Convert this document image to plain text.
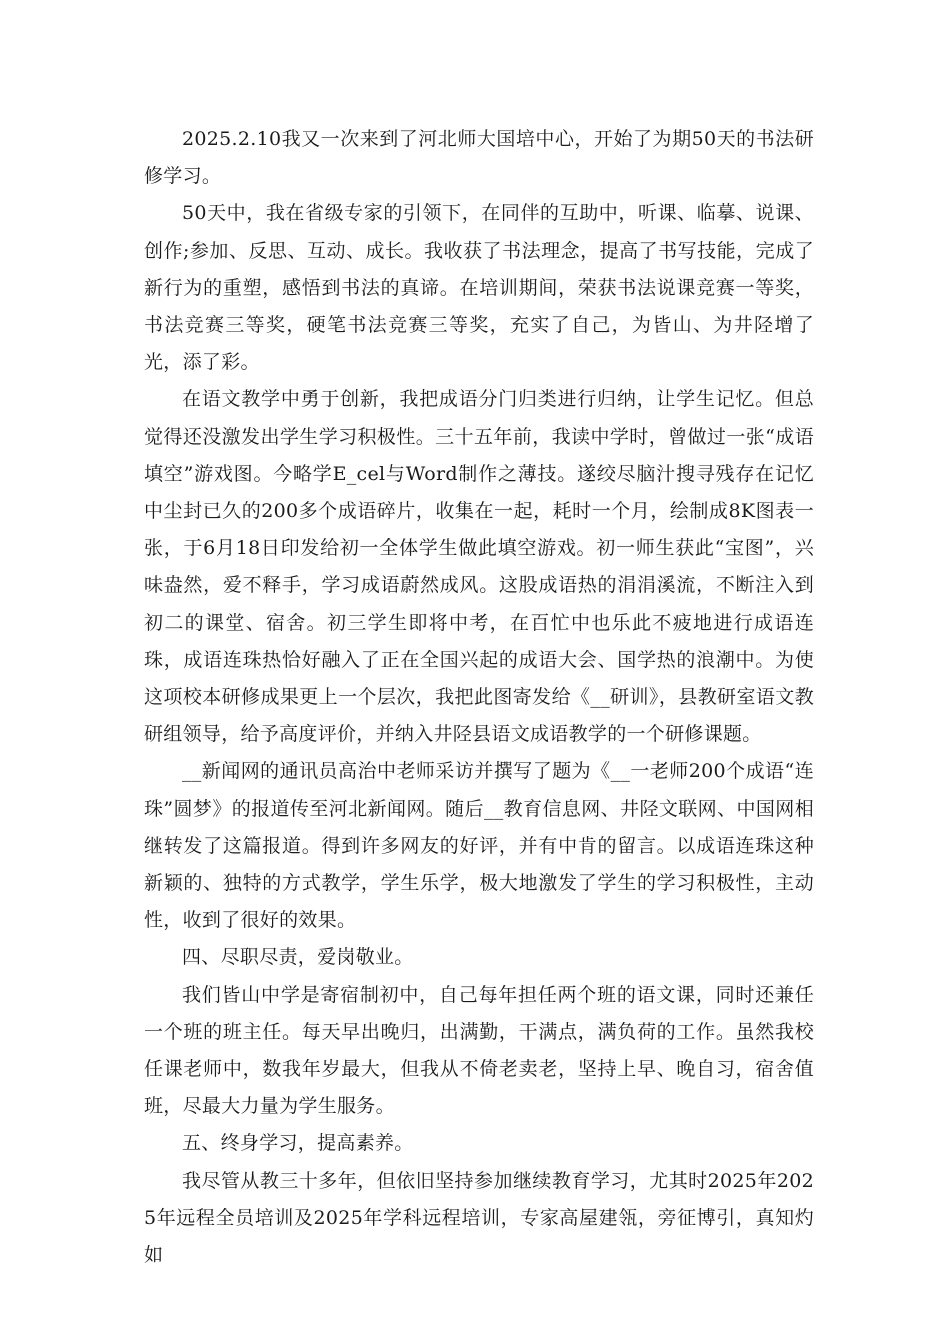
2025.2.10我又一次来到了河北师大国培中心，开始了为期50天的书法研修学习。

50天中，我在省级专家的引领下，在同伴的互助中，听课、临摹、说课、创作;参加、反思、互动、成长。我收获了书法理念，提高了书写技能，完成了新行为的重塑，感悟到书法的真谛。在培训期间，荣获书法说课竞赛一等奖，书法竞赛三等奖，硬笔书法竞赛三等奖，充实了自己，为皆山、为井陉增了光，添了彩。

在语文教学中勇于创新，我把成语分门归类进行归纳，让学生记忆。但总觉得还没激发出学生学习积极性。三十五年前，我读中学时，曾做过一张“成语填空”游戏图。今略学E_cel与Word制作之薄技。遂绞尽脑汁搜寻残存在记忆中尘封已久的200多个成语碎片，收集在一起，耗时一个月，绘制成8K图表一张，于6月18日印发给初一全体学生做此填空游戏。初一师生获此“宝图”，兴味盎然，爱不释手，学习成语蔚然成风。这股成语热的涓涓溪流，不断注入到初二的课堂、宿舍。初三学生即将中考，在百忙中也乐此不疲地进行成语连珠，成语连珠热恰好融入了正在全国兴起的成语大会、国学热的浪潮中。为使这项校本研修成果更上一个层次，我把此图寄发给《__研训》，县教研室语文教研组领导，给予高度评价，并纳入井陉县语文成语教学的一个研修课题。

__新闻网的通讯员高治中老师采访并撰写了题为《__一老师200个成语“连珠”圆梦》的报道传至河北新闻网。随后__教育信息网、井陉文联网、中国网相继转发了这篇报道。得到许多网友的好评，并有中肯的留言。以成语连珠这种新颖的、独特的方式教学，学生乐学，极大地激发了学生的学习积极性，主动性，收到了很好的效果。

四、尽职尽责，爱岗敬业。

我们皆山中学是寄宿制初中，自己每年担任两个班的语文课，同时还兼任一个班的班主任。每天早出晚归，出满勤，干满点，满负荷的工作。虽然我校任课老师中，数我年岁最大，但我从不倚老卖老，坚持上早、晚自习，宿舍值班，尽最大力量为学生服务。

五、终身学习，提高素养。

我尽管从教三十多年，但依旧坚持参加继续教育学习，尤其时2025年2025年远程全员培训及2025年学科远程培训，专家高屋建瓴，旁征博引，真知灼如
